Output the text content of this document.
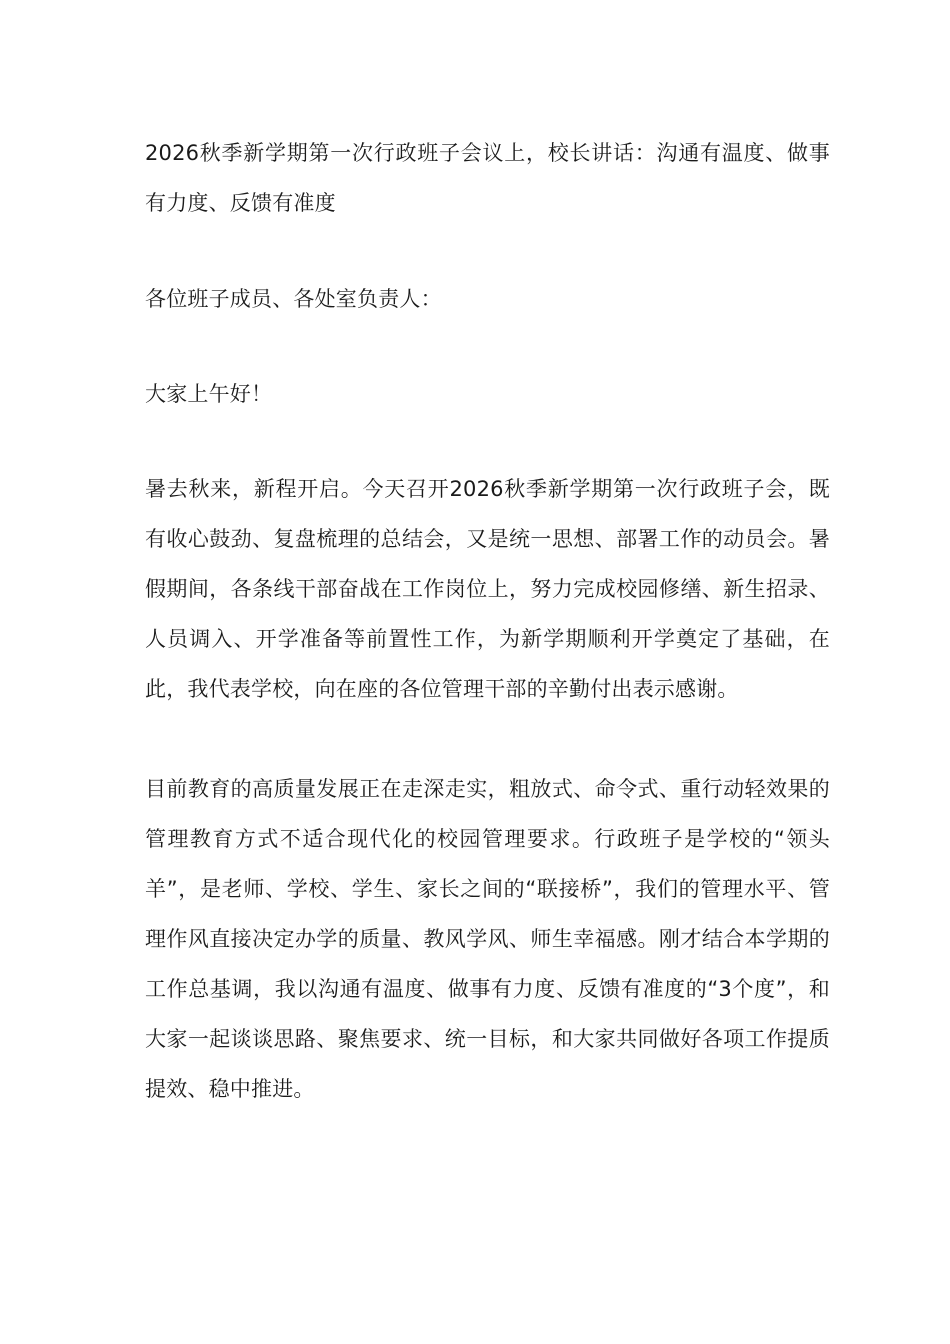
2026秋季新学期第一次行政班子会议上，校长讲话：沟通有温度、做事有力度、反馈有准度

各位班子成员、各处室负责人：

大家上午好！

暑去秋来，新程开启。今天召开2026秋季新学期第一次行政班子会，既有收心鼓劲、复盘梳理的总结会，又是统一思想、部署工作的动员会。暑假期间，各条线干部奋战在工作岗位上，努力完成校园修缮、新生招录、人员调入、开学准备等前置性工作，为新学期顺利开学奠定了基础，在此，我代表学校，向在座的各位管理干部的辛勤付出表示感谢。

目前教育的高质量发展正在走深走实，粗放式、命令式、重行动轻效果的管理教育方式不适合现代化的校园管理要求。行政班子是学校的“领头羊”，是老师、学校、学生、家长之间的“联接桥”，我们的管理水平、管理作风直接决定办学的质量、教风学风、师生幸福感。刚才结合本学期的工作总基调，我以沟通有温度、做事有力度、反馈有准度的“3个度”，和大家一起谈谈思路、聚焦要求、统一目标，和大家共同做好各项工作提质提效、稳中推进。
